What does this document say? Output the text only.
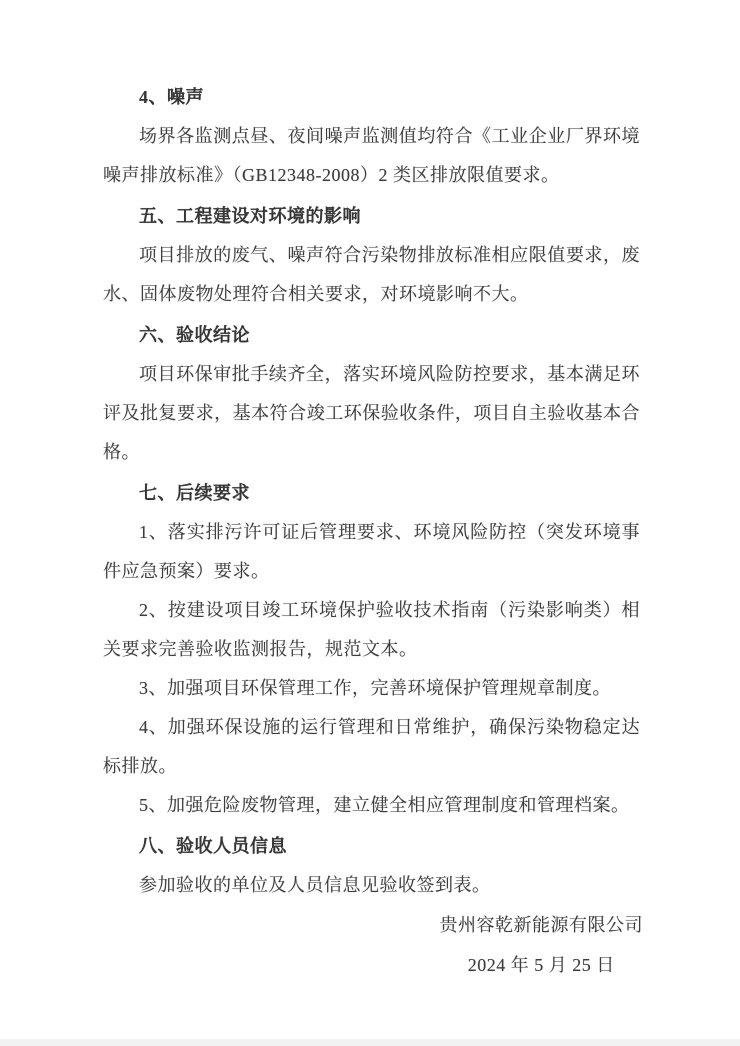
4、噪声

场界各监测点昼、夜间噪声监测值均符合《工业企业厂界环境噪声排放标准》（GB12348-2008）2 类区排放限值要求。

五、工程建设对环境的影响

项目排放的废气、噪声符合污染物排放标准相应限值要求，废水、固体废物处理符合相关要求，对环境影响不大。

六、验收结论

项目环保审批手续齐全，落实环境风险防控要求，基本满足环评及批复要求，基本符合竣工环保验收条件，项目自主验收基本合格。

七、后续要求

1、落实排污许可证后管理要求、环境风险防控（突发环境事件应急预案）要求。

2、按建设项目竣工环境保护验收技术指南（污染影响类）相关要求完善验收监测报告，规范文本。

3、加强项目环保管理工作，完善环境保护管理规章制度。

4、加强环保设施的运行管理和日常维护，确保污染物稳定达标排放。

5、加强危险废物管理，建立健全相应管理制度和管理档案。

八、验收人员信息

参加验收的单位及人员信息见验收签到表。

贵州容乾新能源有限公司

2024 年 5 月 25 日
